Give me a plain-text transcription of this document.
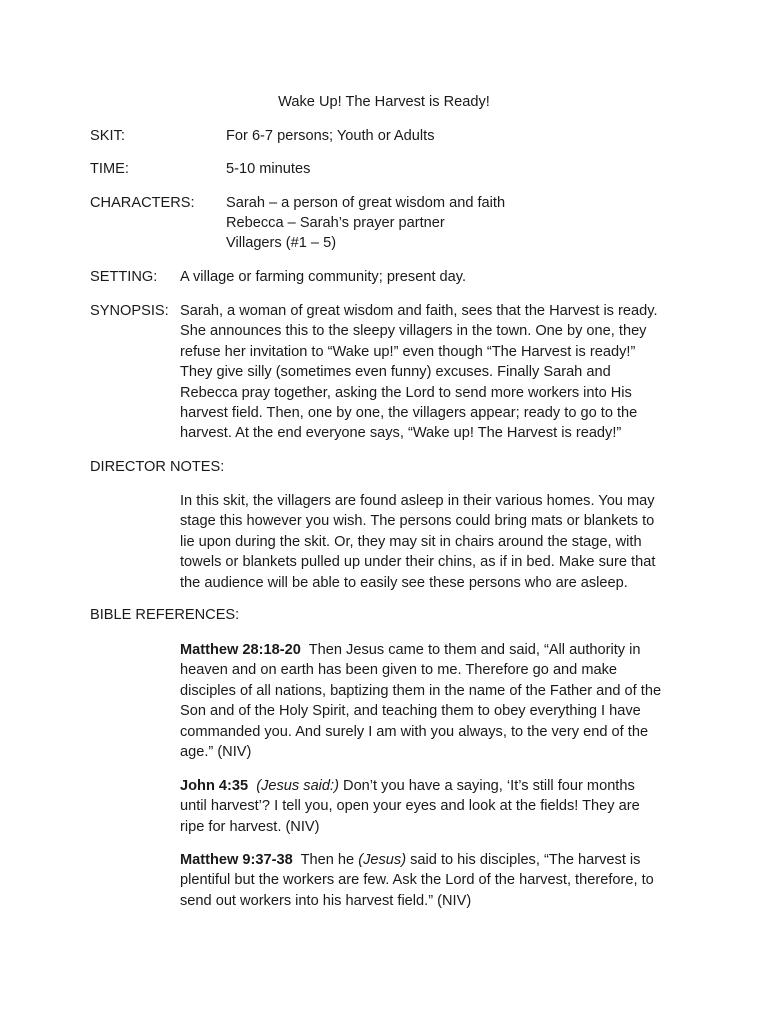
Wake Up! The Harvest is Ready!
SKIT:	For 6-7 persons; Youth or Adults
TIME:	5-10 minutes
CHARACTERS: Sarah – a person of great wisdom and faith
Rebecca – Sarah’s prayer partner
Villagers (#1 – 5)
SETTING: A village or farming community; present day.
SYNOPSIS: Sarah, a woman of great wisdom and faith, sees that the Harvest is ready.

She announces this to the sleepy villagers in the town. One by one, they

refuse her invitation to “Wake up!” even though “The Harvest is ready!”

They give silly (sometimes even funny) excuses. Finally Sarah and

Rebecca pray together, asking the Lord to send more workers into His

harvest field. Then, one by one, the villagers appear; ready to go to the

harvest. At the end everyone says, “Wake up! The Harvest is ready!”

DIRECTOR NOTES:

In this skit, the villagers are found asleep in their various homes. You may

stage this however you wish. The persons could bring mats or blankets to

lie upon during the skit. Or, they may sit in chairs around the stage, with

towels or blankets pulled up under their chins, as if in bed. Make sure that

the audience will be able to easily see these persons who are asleep.

BIBLE REFERENCES:

Matthew 28:18-20 Then Jesus came to them and said, “All authority in

heaven and on earth has been given to me. Therefore go and make

disciples of all nations, baptizing them in the name of the Father and of the

Son and of the Holy Spirit, and teaching them to obey everything I have

commanded you. And surely I am with you always, to the very end of the

age.” (NIV)

John 4:35 (Jesus said:) Don’t you have a saying, ‘It’s still four months

until harvest’? I tell you, open your eyes and look at the fields! They are

ripe for harvest. (NIV)

Matthew 9:37-38 Then he (Jesus) said to his disciples, “The harvest is

plentiful but the workers are few. Ask the Lord of the harvest, therefore, to

send out workers into his harvest field.” (NIV)
